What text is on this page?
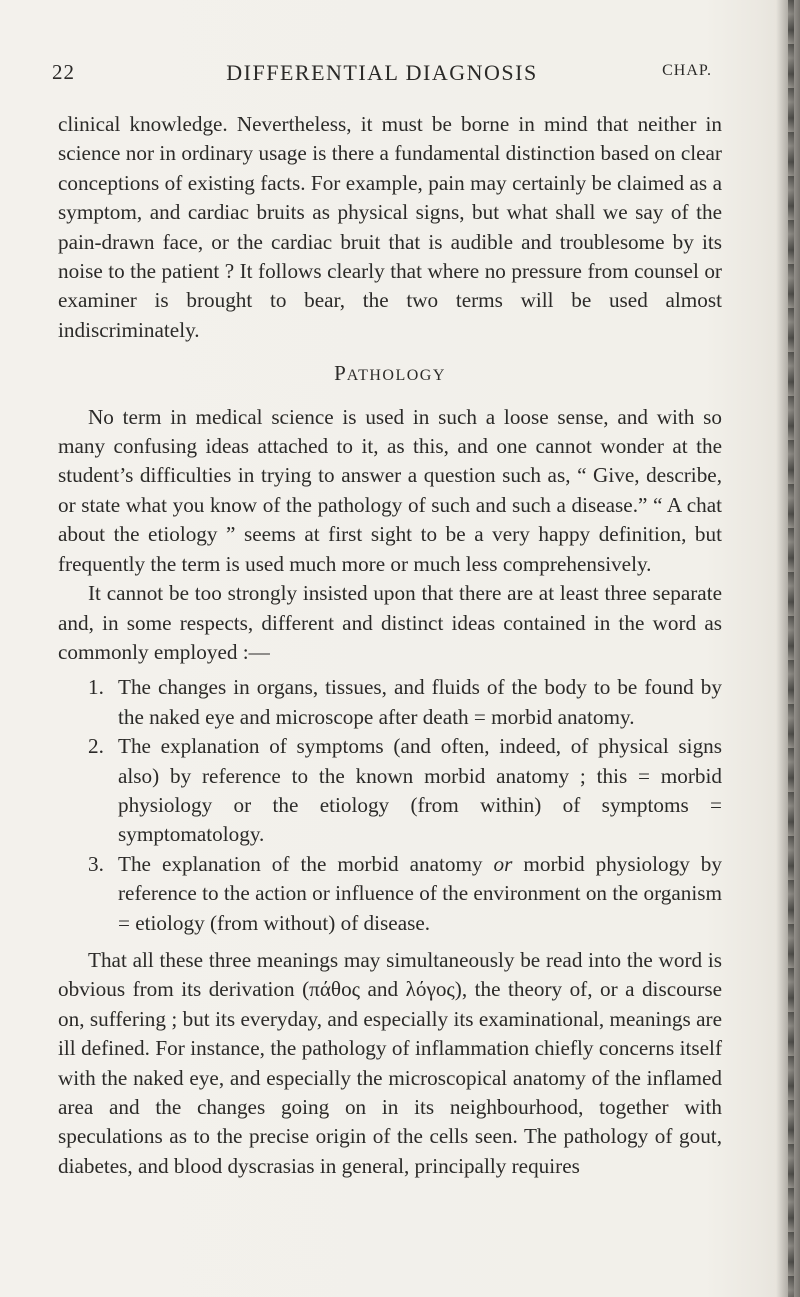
22	DIFFERENTIAL DIAGNOSIS	CHAP.

clinical knowledge. Nevertheless, it must be borne in mind that neither in science nor in ordinary usage is there a fundamental distinction based on clear conceptions of existing facts. For example, pain may certainly be claimed as a symptom, and cardiac bruits as physical signs, but what shall we say of the pain-drawn face, or the cardiac bruit that is audible and troublesome by its noise to the patient ? It follows clearly that where no pressure from counsel or examiner is brought to bear, the two terms will be used almost indiscriminately.

PATHOLOGY

No term in medical science is used in such a loose sense, and with so many confusing ideas attached to it, as this, and one cannot wonder at the student’s difficulties in trying to answer a question such as, “ Give, describe, or state what you know of the pathology of such and such a disease.” “ A chat about the etiology ” seems at first sight to be a very happy definition, but frequently the term is used much more or much less comprehensively.

It cannot be too strongly insisted upon that there are at least three separate and, in some respects, different and distinct ideas contained in the word as commonly employed :—

1. The changes in organs, tissues, and fluids of the body to be found by the naked eye and microscope after death = morbid anatomy.
2. The explanation of symptoms (and often, indeed, of physical signs also) by reference to the known morbid anatomy ; this = morbid physiology or the etiology (from within) of symptoms = symptomatology.
3. The explanation of the morbid anatomy or morbid physiology by reference to the action or influence of the environment on the organism = etiology (from without) of disease.

That all these three meanings may simultaneously be read into the word is obvious from its derivation (πάθος and λόγος), the theory of, or a discourse on, suffering ; but its everyday, and especially its examinational, meanings are ill defined. For instance, the pathology of inflammation chiefly concerns itself with the naked eye, and especially the microscopical anatomy of the inflamed area and the changes going on in its neighbourhood, together with speculations as to the precise origin of the cells seen. The pathology of gout, diabetes, and blood dyscrasias in general, principally requires
